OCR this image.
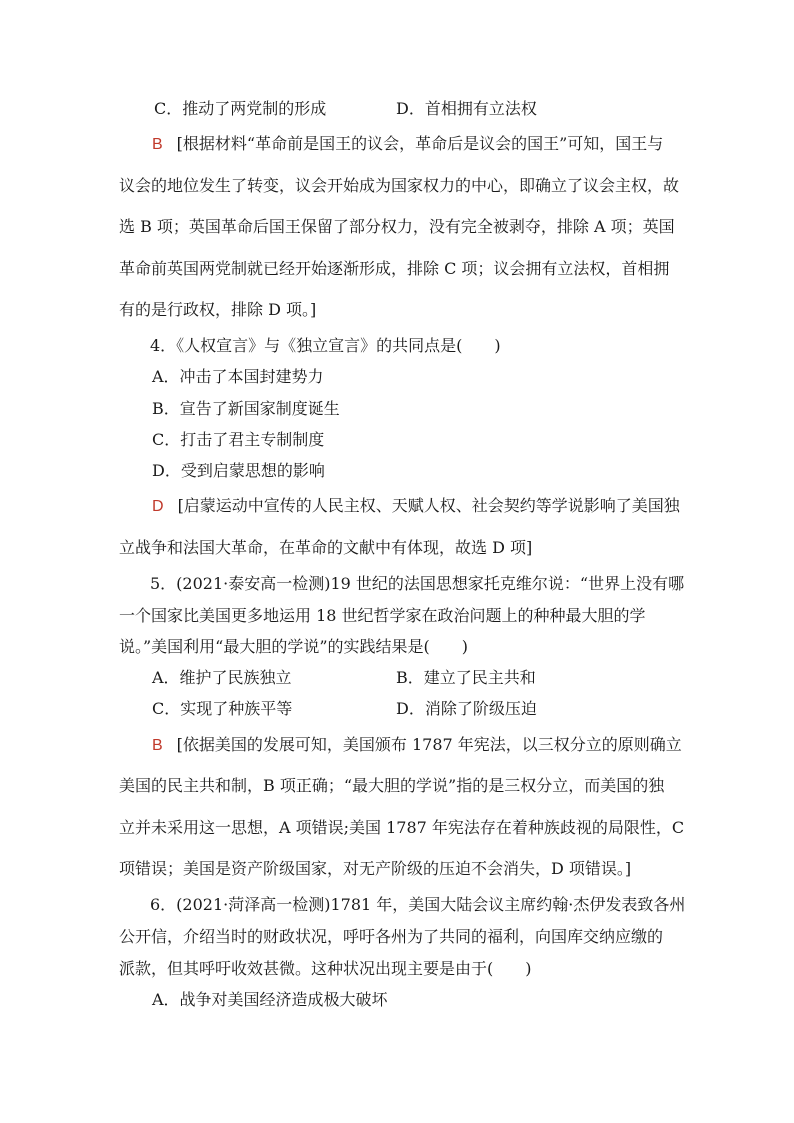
C．推动了两党制的形成	D．首相拥有立法权
B [根据材料“革命前是国王的议会，革命后是议会的国王”可知，国王与
议会的地位发生了转变，议会开始成为国家权力的中心，即确立了议会主权，故
选 B 项；英国革命后国王保留了部分权力，没有完全被剥夺，排除 A 项；英国
革命前英国两党制就已经开始逐渐形成，排除 C 项；议会拥有立法权，首相拥
有的是行政权，排除 D 项。]
4．《人权宣言》与《独立宣言》的共同点是(　　)
A．冲击了本国封建势力
B．宣告了新国家制度诞生
C．打击了君主专制制度
D．受到启蒙思想的影响
D [启蒙运动中宣传的人民主权、天赋人权、社会契约等学说影响了美国独
立战争和法国大革命，在革命的文献中有体现，故选 D 项]
5．(2021·泰安高一检测)19 世纪的法国思想家托克维尔说：“世界上没有哪
一个国家比美国更多地运用 18 世纪哲学家在政治问题上的种种最大胆的学
说。”美国利用“最大胆的学说”的实践结果是(　　)
A．维护了民族独立	B．建立了民主共和
C．实现了种族平等	D．消除了阶级压迫
B [依据美国的发展可知，美国颁布 1787 年宪法，以三权分立的原则确立
美国的民主共和制，B 项正确；“最大胆的学说”指的是三权分立，而美国的独
立并未采用这一思想，A 项错误;美国 1787 年宪法存在着种族歧视的局限性，C
项错误；美国是资产阶级国家，对无产阶级的压迫不会消失，D 项错误。]
6．(2021·菏泽高一检测)1781 年，美国大陆会议主席约翰·杰伊发表致各州
公开信，介绍当时的财政状况，呼吁各州为了共同的福利，向国库交纳应缴的
派款，但其呼吁收效甚微。这种状况出现主要是由于(　　)
A．战争对美国经济造成极大破坏
